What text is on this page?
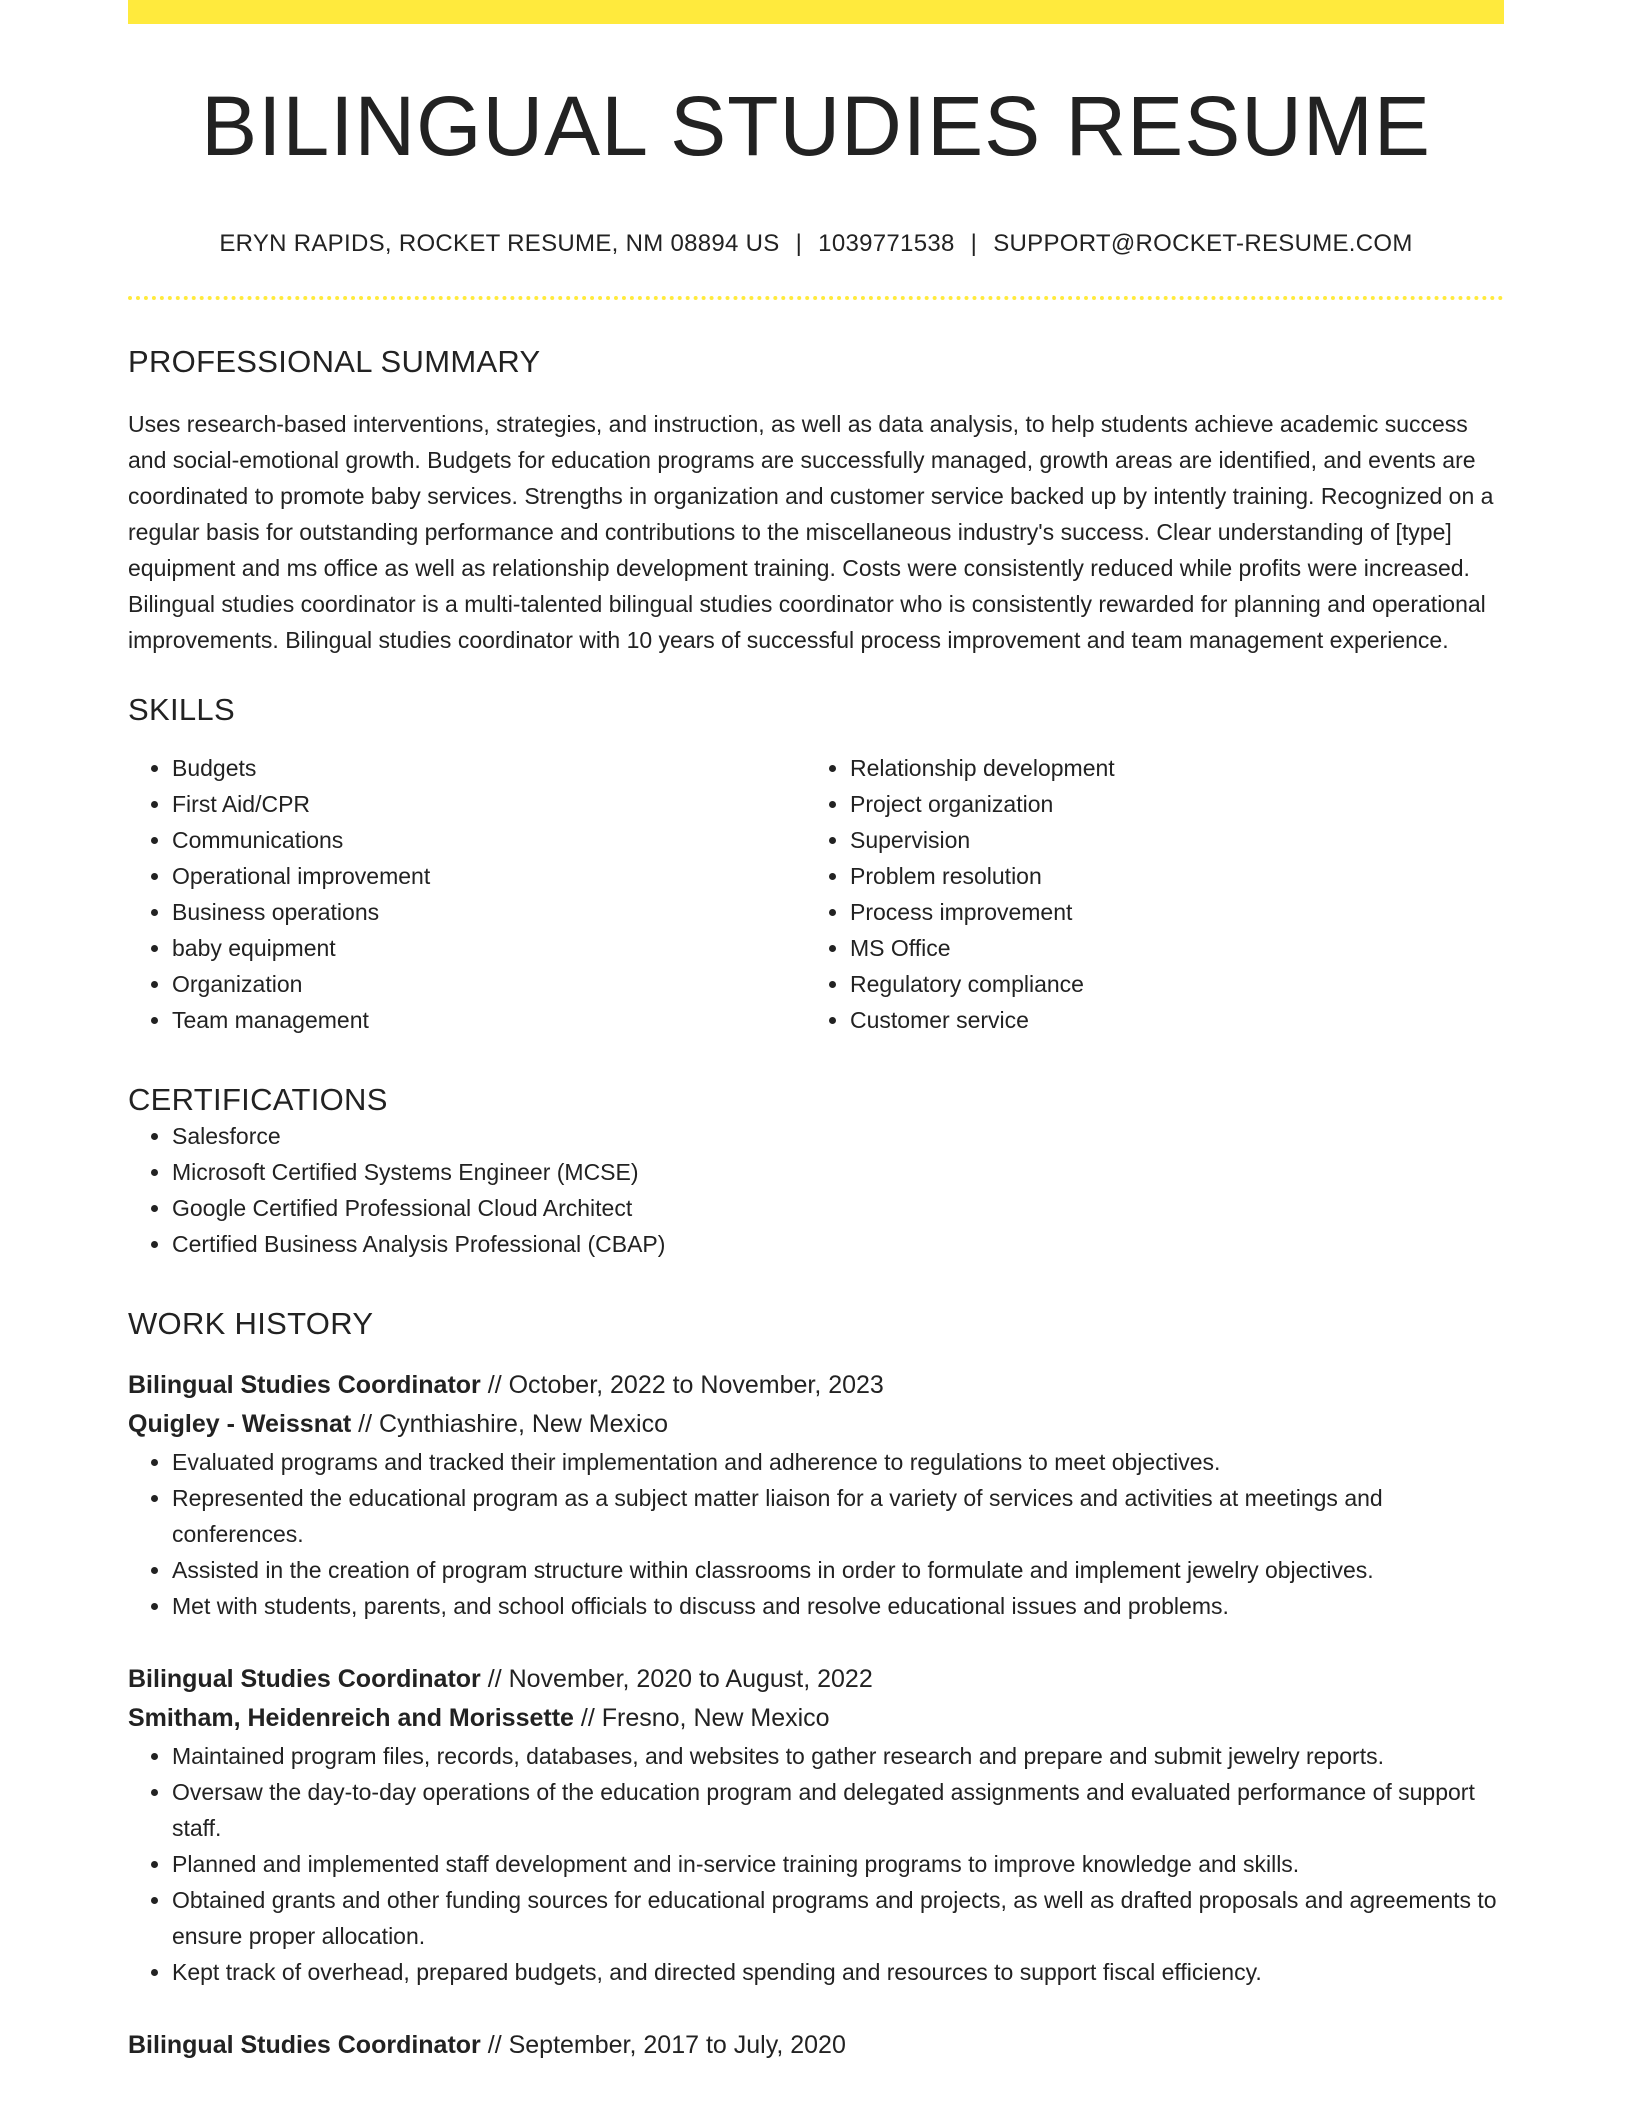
BILINGUAL STUDIES RESUME
ERYN RAPIDS, ROCKET RESUME, NM 08894 US | 1039771538 | SUPPORT@ROCKET-RESUME.COM
PROFESSIONAL SUMMARY

Uses research-based interventions, strategies, and instruction, as well as data analysis, to help students achieve academic success and social-emotional growth. Budgets for education programs are successfully managed, growth areas are identified, and events are coordinated to promote baby services. Strengths in organization and customer service backed up by intently training. Recognized on a regular basis for outstanding performance and contributions to the miscellaneous industry's success. Clear understanding of [type] equipment and ms office as well as relationship development training. Costs were consistently reduced while profits were increased. Bilingual studies coordinator is a multi-talented bilingual studies coordinator who is consistently rewarded for planning and operational improvements. Bilingual studies coordinator with 10 years of successful process improvement and team management experience.

SKILLS
• Budgets
• First Aid/CPR
• Communications
• Operational improvement
• Business operations
• baby equipment
• Organization
• Team management
• Relationship development
• Project organization
• Supervision
• Problem resolution
• Process improvement
• MS Office
• Regulatory compliance
• Customer service
CERTIFICATIONS
• Salesforce
• Microsoft Certified Systems Engineer (MCSE)
• Google Certified Professional Cloud Architect
• Certified Business Analysis Professional (CBAP)
WORK HISTORY
Bilingual Studies Coordinator // October, 2022 to November, 2023
Quigley - Weissnat // Cynthiashire, New Mexico
• Evaluated programs and tracked their implementation and adherence to regulations to meet objectives.
• Represented the educational program as a subject matter liaison for a variety of services and activities at meetings and conferences.
• Assisted in the creation of program structure within classrooms in order to formulate and implement jewelry objectives.
• Met with students, parents, and school officials to discuss and resolve educational issues and problems.
Bilingual Studies Coordinator // November, 2020 to August, 2022
Smitham, Heidenreich and Morissette // Fresno, New Mexico
• Maintained program files, records, databases, and websites to gather research and prepare and submit jewelry reports.
• Oversaw the day-to-day operations of the education program and delegated assignments and evaluated performance of support staff.
• Planned and implemented staff development and in-service training programs to improve knowledge and skills.
• Obtained grants and other funding sources for educational programs and projects, as well as drafted proposals and agreements to ensure proper allocation.
• Kept track of overhead, prepared budgets, and directed spending and resources to support fiscal efficiency.
Bilingual Studies Coordinator // September, 2017 to July, 2020
